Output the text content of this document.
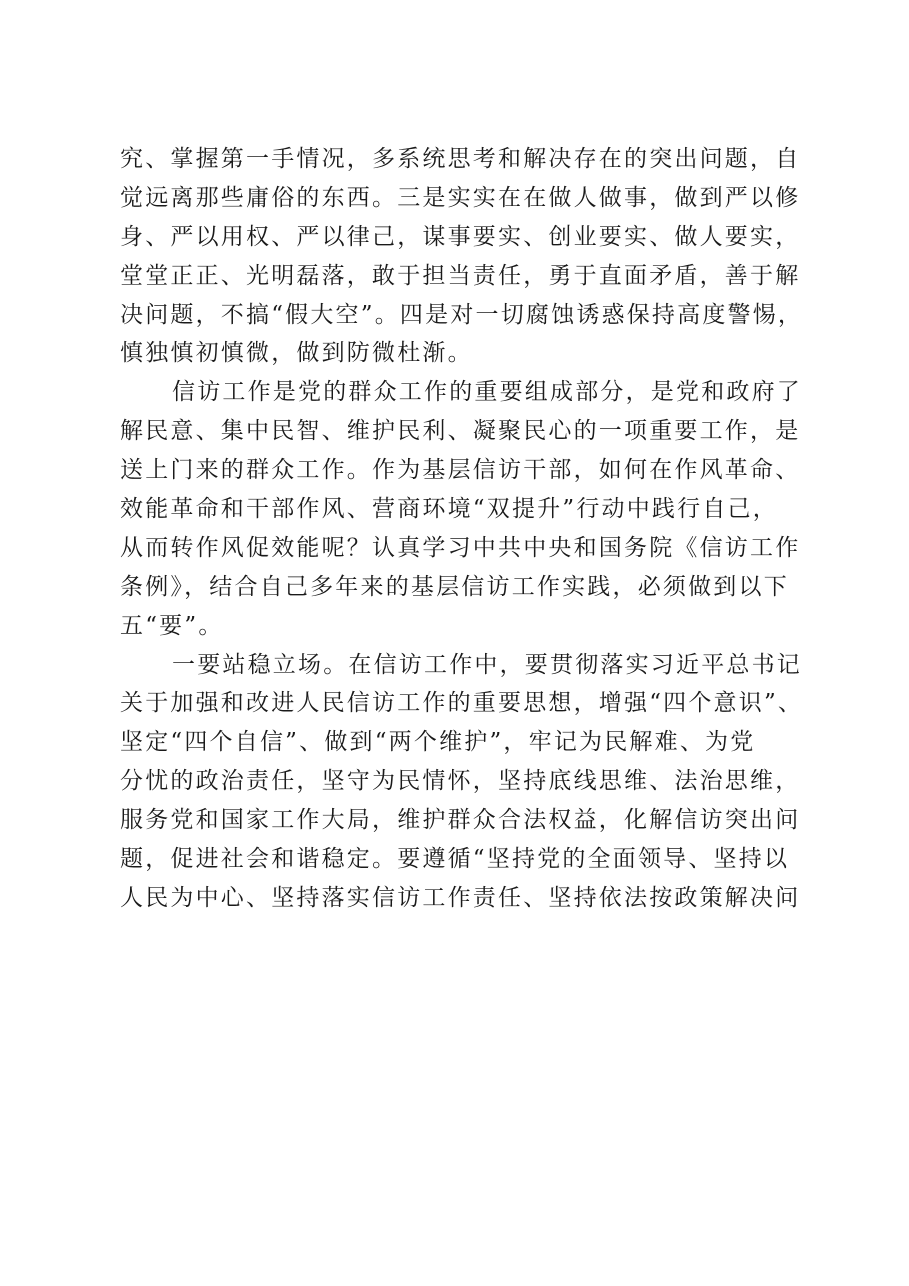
究、掌握第一手情况，多系统思考和解决存在的突出问题，自
觉远离那些庸俗的东西。三是实实在在做人做事，做到严以修
身、严以用权、严以律己，谋事要实、创业要实、做人要实，
堂堂正正、光明磊落，敢于担当责任，勇于直面矛盾，善于解
决问题，不搞“假大空”。四是对一切腐蚀诱惑保持高度警惕，
慎独慎初慎微，做到防微杜渐。
信访工作是党的群众工作的重要组成部分，是党和政府了
解民意、集中民智、维护民利、凝聚民心的一项重要工作，是
送上门来的群众工作。作为基层信访干部，如何在作风革命、
效能革命和干部作风、营商环境“双提升”行动中践行自己，
从而转作风促效能呢？认真学习中共中央和国务院《信访工作
条例》，结合自己多年来的基层信访工作实践，必须做到以下
五“要”。
一要站稳立场。在信访工作中，要贯彻落实习近平总书记
关于加强和改进人民信访工作的重要思想，增强“四个意识”、
坚定“四个自信”、做到“两个维护”，牢记为民解难、为党
分忧的政治责任，坚守为民情怀，坚持底线思维、法治思维，
服务党和国家工作大局，维护群众合法权益，化解信访突出问
题，促进社会和谐稳定。要遵循“坚持党的全面领导、坚持以
人民为中心、坚持落实信访工作责任、坚持依法按政策解决问
